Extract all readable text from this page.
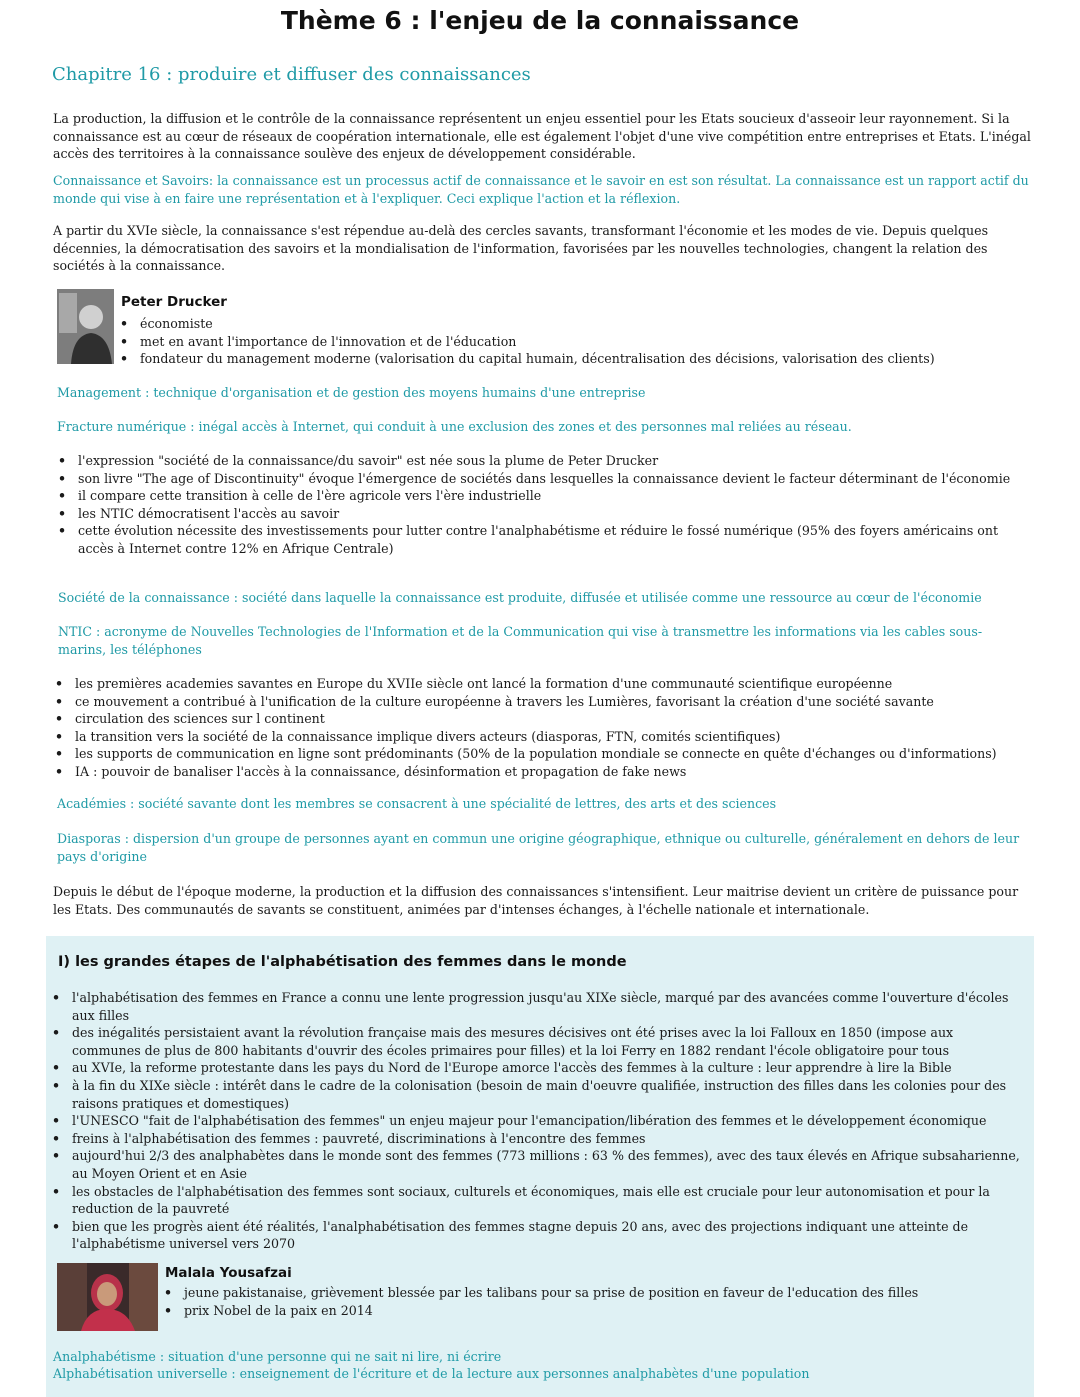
Thème 6 : l'enjeu de la connaissance
Chapitre 16 : produire et diffuser des connaissances

La production, la diffusion et le contrôle de la connaissance représentent un enjeu essentiel pour les Etats soucieux d'asseoir leur rayonnement. Si la connaissance est au cœur de réseaux de coopération internationale, elle est également l'objet d'une vive compétition entre entreprises et Etats. L'inégal accès des territoires à la connaissance soulève des enjeux de développement considérable.

Connaissance et Savoirs: la connaissance est un processus actif de connaissance et le savoir en est son résultat. La connaissance est un rapport actif du monde qui vise à en faire une représentation et à l'expliquer. Ceci explique l'action et la réflexion.

A partir du XVIe siècle, la connaissance s'est répendue au-delà des cercles savants, transformant l'économie et les modes de vie. Depuis quelques décennies, la démocratisation des savoirs et la mondialisation de l'information, favorisées par les nouvelles technologies, changent la relation des sociétés à la connaissance.

Peter Drucker
• économiste
• met en avant l'importance de l'innovation et de l'éducation
• fondateur du management moderne (valorisation du capital humain, décentralisation des décisions, valorisation des clients)

Management : technique d'organisation et de gestion des moyens humains d'une entreprise

Fracture numérique : inégal accès à Internet, qui conduit à une exclusion des zones et des personnes mal reliées au réseau.

• l'expression "société de la connaissance/du savoir" est née sous la plume de Peter Drucker
• son livre "The age of Discontinuity" évoque l'émergence de sociétés dans lesquelles la connaissance devient le facteur déterminant de l'économie
• il compare cette transition à celle de l'ère agricole vers l'ère industrielle
• les NTIC démocratisent l'accès au savoir
• cette évolution nécessite des investissements pour lutter contre l'analphabétisme et réduire le fossé numérique (95% des foyers américains ont accès à Internet contre 12% en Afrique Centrale)

Société de la connaissance : société dans laquelle la connaissance est produite, diffusée et utilisée comme une ressource au cœur de l'économie

NTIC : acronyme de Nouvelles Technologies de l'Information et de la Communication qui vise à transmettre les informations via les cables sous-marins, les téléphones

• les premières academies savantes en Europe du XVIIe siècle ont lancé la formation d'une communauté scientifique européenne
• ce mouvement a contribué à l'unification de la culture européenne à travers les Lumières, favorisant la création d'une société savante
• circulation des sciences sur l continent
• la transition vers la société de la connaissance implique divers acteurs (diasporas, FTN, comités scientifiques)
• les supports de communication en ligne sont prédominants (50% de la population mondiale se connecte en quête d'échanges ou d'informations)
• IA : pouvoir de banaliser l'accès à la connaissance, désinformation et propagation de fake news

Académies : société savante dont les membres se consacrent à une spécialité de lettres, des arts et des sciences

Diasporas : dispersion d'un groupe de personnes ayant en commun une origine géographique, ethnique ou culturelle, généralement en dehors de leur pays d'origine

Depuis le début de l'époque moderne, la production et la diffusion des connaissances s'intensifient. Leur maitrise devient un critère de puissance pour les Etats. Des communautés de savants se constituent, animées par d'intenses échanges, à l'échelle nationale et internationale.

I) les grandes étapes de l'alphabétisation des femmes dans le monde
• l'alphabétisation des femmes en France a connu une lente progression jusqu'au XIXe siècle, marqué par des avancées comme l'ouverture d'écoles aux filles
• des inégalités persistaient avant la révolution française mais des mesures décisives ont été prises avec la loi Falloux en 1850 (impose aux communes de plus de 800 habitants d'ouvrir des écoles primaires pour filles) et la loi Ferry en 1882 rendant l'école obligatoire pour tous
• au XVIe, la reforme protestante dans les pays du Nord de l'Europe amorce l'accès des femmes à la culture : leur apprendre à lire la Bible
• à la fin du XIXe siècle : intérêt dans le cadre de la colonisation (besoin de main d'oeuvre qualifiée, instruction des filles dans les colonies pour des raisons pratiques et domestiques)
• l'UNESCO "fait de l'alphabétisation des femmes" un enjeu majeur pour l'emancipation/libération des femmes et le développement économique
• freins à l'alphabétisation des femmes : pauvreté, discriminations à l'encontre des femmes
• aujourd'hui 2/3 des analphabètes dans le monde sont des femmes (773 millions : 63 % des femmes), avec des taux élevés en Afrique subsaharienne, au Moyen Orient et en Asie
• les obstacles de l'alphabétisation des femmes sont sociaux, culturels et économiques, mais elle est cruciale pour leur autonomisation et pour la reduction de la pauvreté
• bien que les progrès aient été réalités, l'analphabétisation des femmes stagne depuis 20 ans, avec des projections indiquant une atteinte de l'alphabétisme universel vers 2070
Malala Yousafzai
• jeune pakistanaise, grièvement blessée par les talibans pour sa prise de position en faveur de l'education des filles
• prix Nobel de la paix en 2014

Analphabétisme : situation d'une personne qui ne sait ni lire, ni écrire

Alphabétisation universelle : enseignement de l'écriture et de la lecture aux personnes analphabètes d'une population
